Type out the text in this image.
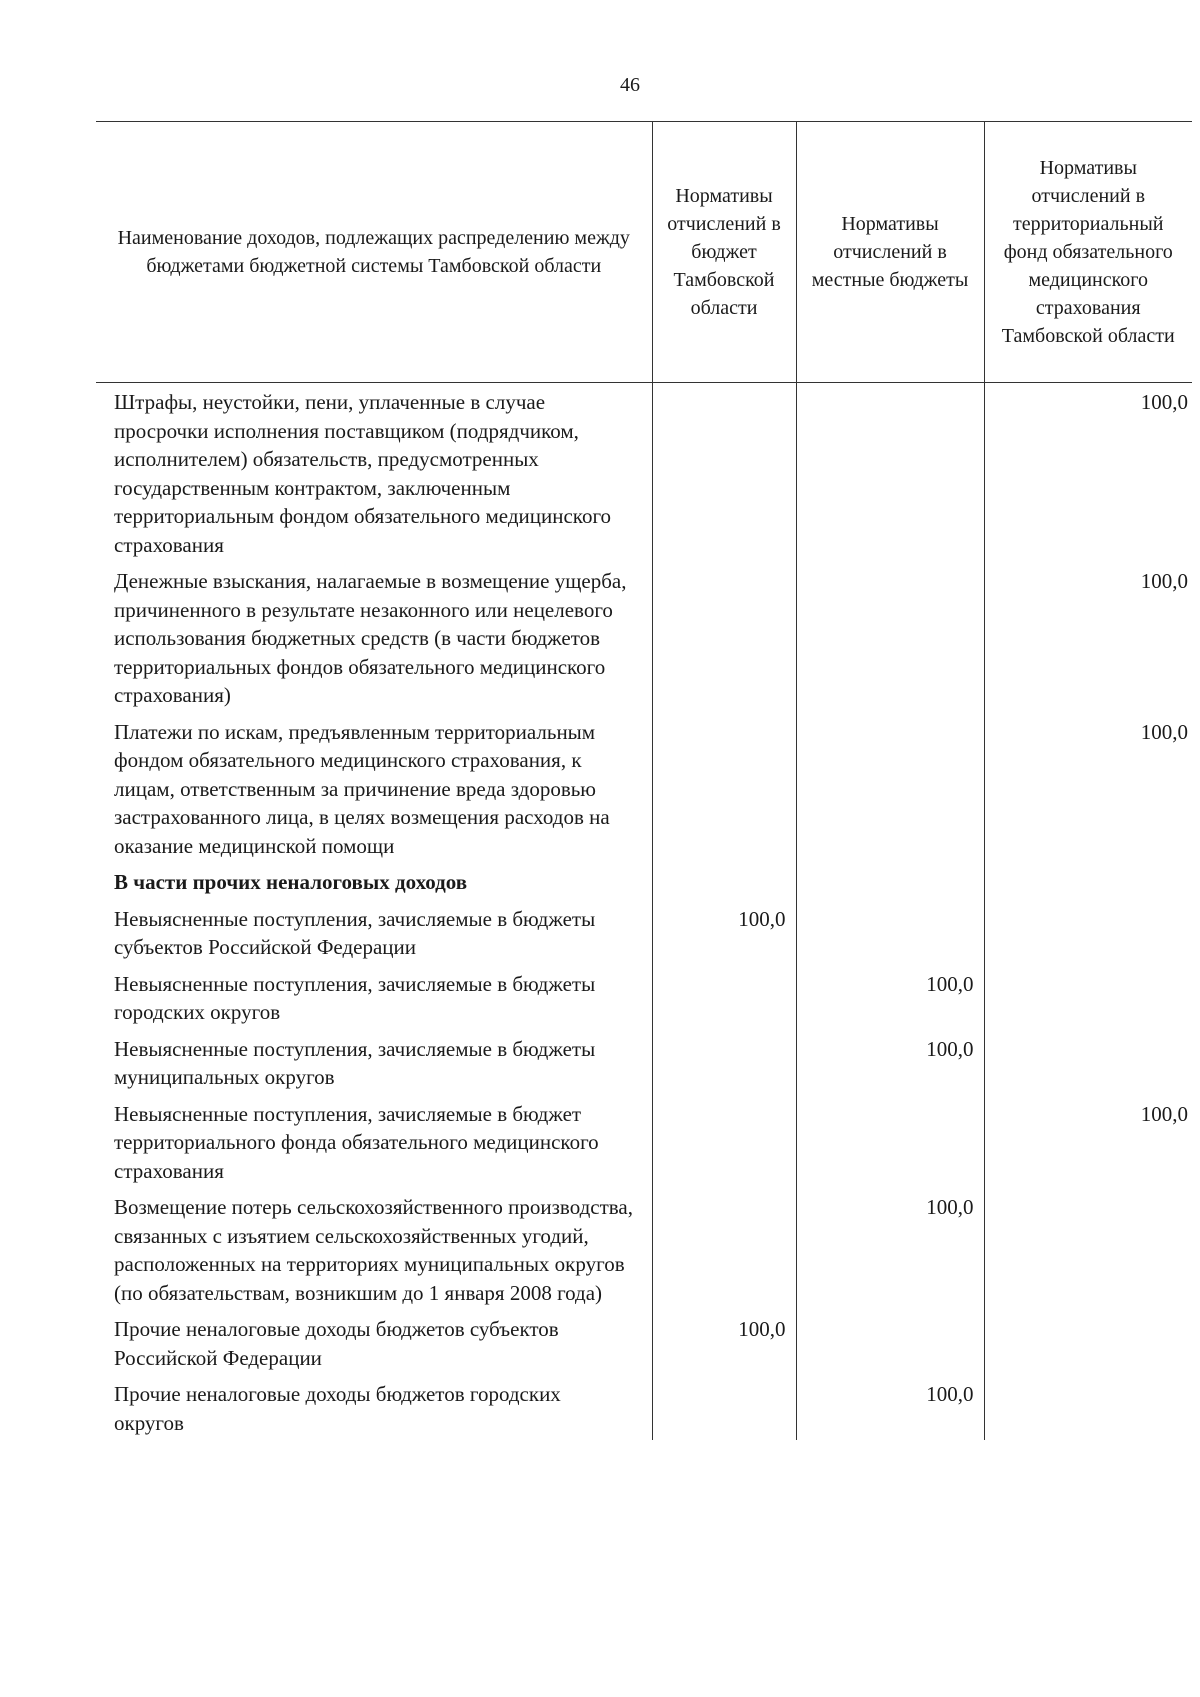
46
Наименование доходов, подлежащих распределению между бюджетами бюджетной системы Тамбовской области	Нормативы отчислений в бюджет Тамбовской области	Нормативы отчислений в местные бюджеты	Нормативы отчислений в территориальный фонд обязательного медицинского страхования Тамбовской области
Штрафы, неустойки, пени, уплаченные в случае просрочки исполнения поставщиком (подрядчиком, исполнителем) обязательств, предусмотренных государственным контрактом, заключенным территориальным фондом обязательного медицинского страхования			100,0
Денежные взыскания, налагаемые в возмещение ущерба, причиненного в результате незаконного или нецелевого использования бюджетных средств (в части бюджетов территориальных фондов обязательного медицинского страхования)			100,0
Платежи по искам, предъявленным территориальным фондом обязательного медицинского страхования, к лицам, ответственным за причинение вреда здоровью застрахованного лица, в целях возмещения расходов на оказание медицинской помощи			100,0
В части прочих неналоговых доходов			
Невыясненные поступления, зачисляемые в бюджеты субъектов Российской Федерации	100,0		
Невыясненные поступления, зачисляемые в бюджеты городских округов		100,0	
Невыясненные поступления, зачисляемые в бюджеты муниципальных округов		100,0	
Невыясненные поступления, зачисляемые в бюджет территориального фонда обязательного медицинского страхования			100,0
Возмещение потерь сельскохозяйственного производства, связанных с изъятием сельскохозяйственных угодий, расположенных на территориях муниципальных округов (по обязательствам, возникшим до 1 января 2008 года)		100,0	
Прочие неналоговые доходы бюджетов субъектов Российской Федерации	100,0		
Прочие неналоговые доходы бюджетов городских округов		100,0	
